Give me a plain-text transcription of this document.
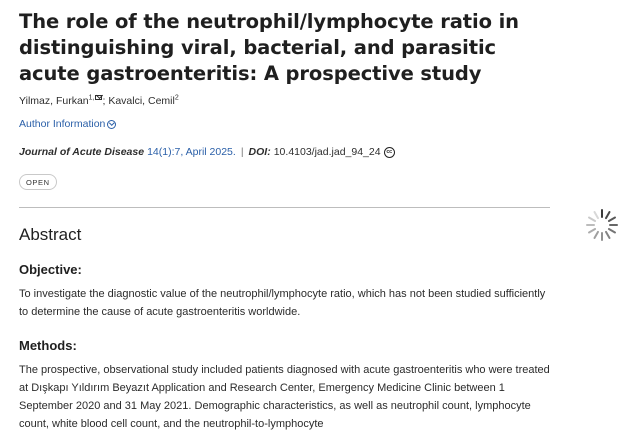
The role of the neutrophil/lymphocyte ratio in distinguishing viral, bacterial, and parasitic acute gastroenteritis: A prospective study
Yilmaz, Furkan$^{1,}$ ; Kavalci, Cemil$^2$
Author Information
Journal of Acute Disease 14(1):7, April 2025. | DOI: 10.4103/jad.jad_94_24	cc
OPEN
Abstract
Objective:

To investigate the diagnostic value of the neutrophil/lymphocyte ratio, which has not been studied sufficiently to determine the cause of acute gastroenteritis worldwide.

Methods:

The prospective, observational study included patients diagnosed with acute gastroenteritis who were treated at Dışkapı Yıldırım Beyazıt Application and Research Center, Emergency Medicine Clinic between 1 September 2020 and 31 May 2021. Demographic characteristics, as well as neutrophil count, lymphocyte count, white blood cell count, and the neutrophil-to-lymphocyte
